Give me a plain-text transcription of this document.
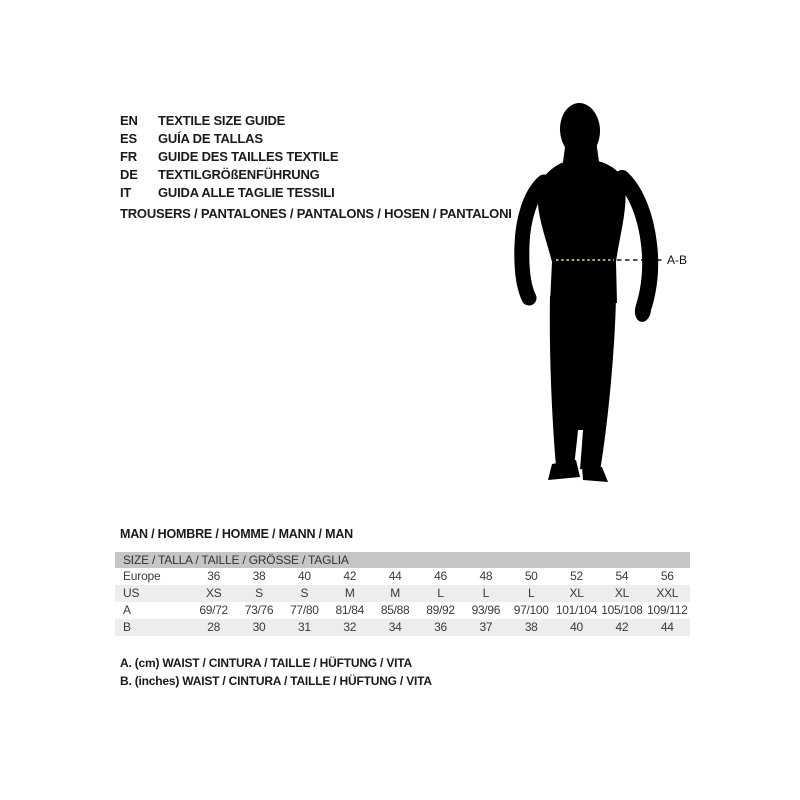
EN	TEXTILE SIZE GUIDE
ES	GUÍA DE TALLAS
FR	GUIDE DES TAILLES TEXTILE
DE	TEXTILGRÖßENFÜHRUNG
IT	GUIDA ALLE TAGLIE TESSILI
TROUSERS / PANTALONES / PANTALONS / HOSEN / PANTALONI
A-B
MAN / HOMBRE / HOMME / MANN / MAN
SIZE / TALLA / TAILLE / GRÖSSE / TAGLIA
Europe	36	38	40	42	44	46	48	50	52	54	56
US	XS	S	S	M	M	L	L	L	XL	XL	XXL
A	69/72	73/76	77/80	81/84	85/88	89/92	93/96	97/100 101/104 105/108 109/112
B	28	30	31	32	34	36	37	38	40	42	44
A. (cm) WAIST / CINTURA / TAILLE / HÜFTUNG / VITA
B. (inches) WAIST / CINTURA / TAILLE / HÜFTUNG / VITA
